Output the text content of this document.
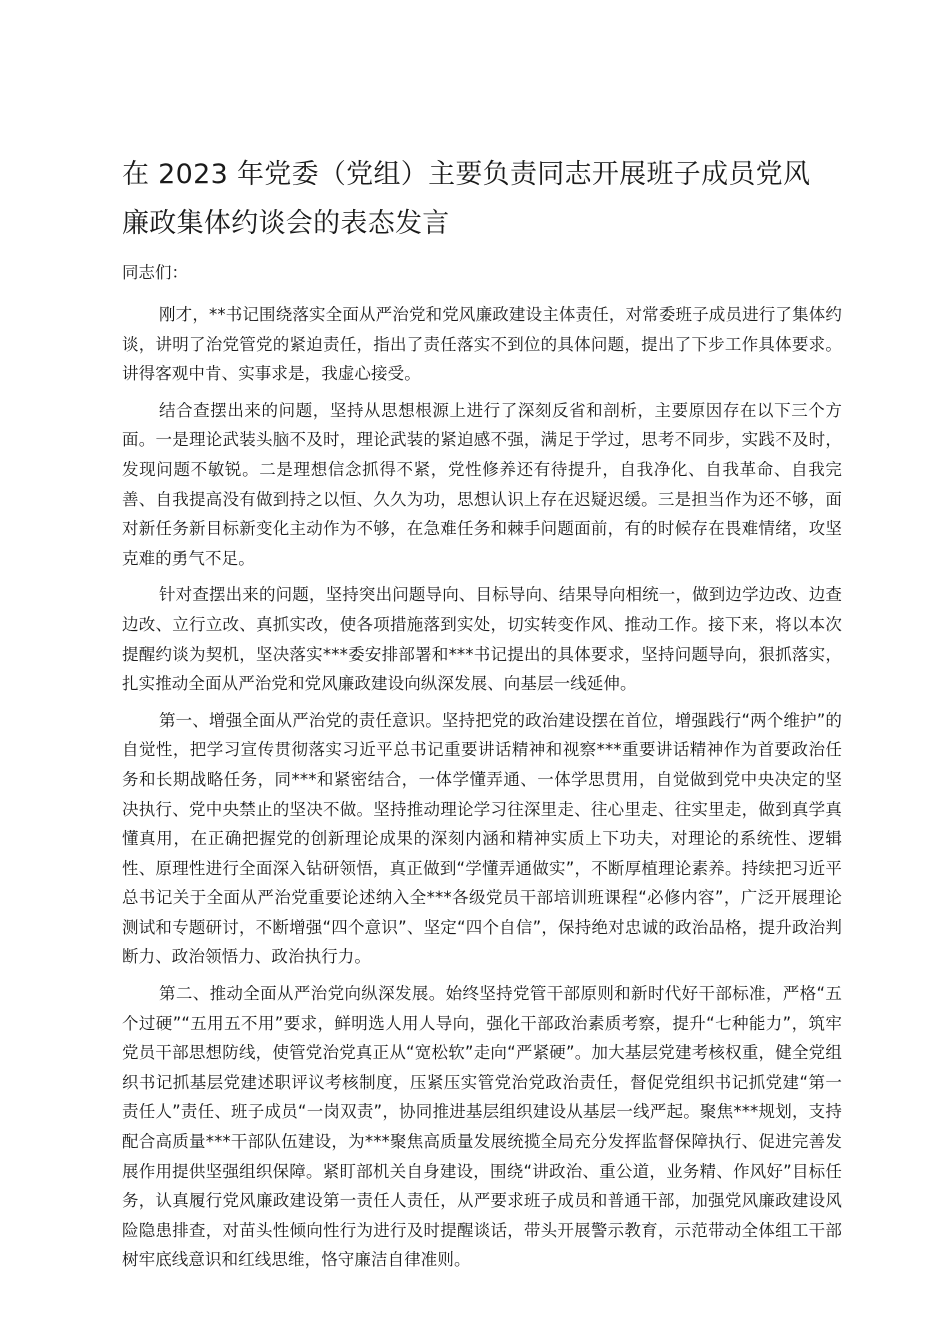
在 2023 年党委（党组）主要负责同志开展班子成员党风廉政集体约谈会的表态发言

同志们：

刚才，**书记围绕落实全面从严治党和党风廉政建设主体责任，对常委班子成员进行了集体约谈，讲明了治党管党的紧迫责任，指出了责任落实不到位的具体问题，提出了下步工作具体要求。讲得客观中肯、实事求是，我虚心接受。

结合查摆出来的问题，坚持从思想根源上进行了深刻反省和剖析，主要原因存在以下三个方面。一是理论武装头脑不及时，理论武装的紧迫感不强，满足于学过，思考不同步，实践不及时，发现问题不敏锐。二是理想信念抓得不紧，党性修养还有待提升，自我净化、自我革命、自我完善、自我提高没有做到持之以恒、久久为功，思想认识上存在迟疑迟缓。三是担当作为还不够，面对新任务新目标新变化主动作为不够，在急难任务和棘手问题面前，有的时候存在畏难情绪，攻坚克难的勇气不足。

针对查摆出来的问题，坚持突出问题导向、目标导向、结果导向相统一，做到边学边改、边查边改、立行立改、真抓实改，使各项措施落到实处，切实转变作风、推动工作。接下来，将以本次提醒约谈为契机，坚决落实***委安排部署和***书记提出的具体要求，坚持问题导向，狠抓落实，扎实推动全面从严治党和党风廉政建设向纵深发展、向基层一线延伸。

第一、增强全面从严治党的责任意识。坚持把党的政治建设摆在首位，增强践行“两个维护”的自觉性，把学习宣传贯彻落实习近平总书记重要讲话精神和视察***重要讲话精神作为首要政治任务和长期战略任务，同***和紧密结合，一体学懂弄通、一体学思贯用，自觉做到党中央决定的坚决执行、党中央禁止的坚决不做。坚持推动理论学习往深里走、往心里走、往实里走，做到真学真懂真用，在正确把握党的创新理论成果的深刻内涵和精神实质上下功夫，对理论的系统性、逻辑性、原理性进行全面深入钻研领悟，真正做到“学懂弄通做实”，不断厚植理论素养。持续把习近平总书记关于全面从严治党重要论述纳入全***各级党员干部培训班课程“必修内容”，广泛开展理论测试和专题研讨，不断增强“四个意识”、坚定“四个自信”，保持绝对忠诚的政治品格，提升政治判断力、政治领悟力、政治执行力。

第二、推动全面从严治党向纵深发展。始终坚持党管干部原则和新时代好干部标准，严格“五个过硬”“五用五不用”要求，鲜明选人用人导向，强化干部政治素质考察，提升“七种能力”，筑牢党员干部思想防线，使管党治党真正从“宽松软”走向“严紧硬”。加大基层党建考核权重，健全党组织书记抓基层党建述职评议考核制度，压紧压实管党治党政治责任，督促党组织书记抓党建“第一责任人”责任、班子成员“一岗双责”，协同推进基层组织建设从基层一线严起。聚焦***规划，支持配合高质量***干部队伍建设，为***聚焦高质量发展统揽全局充分发挥监督保障执行、促进完善发展作用提供坚强组织保障。紧盯部机关自身建设，围绕“讲政治、重公道，业务精、作风好”目标任务，认真履行党风廉政建设第一责任人责任，从严要求班子成员和普通干部，加强党风廉政建设风险隐患排查，对苗头性倾向性行为进行及时提醒谈话，带头开展警示教育，示范带动全体组工干部树牢底线意识和红线思维，恪守廉洁自律准则。
